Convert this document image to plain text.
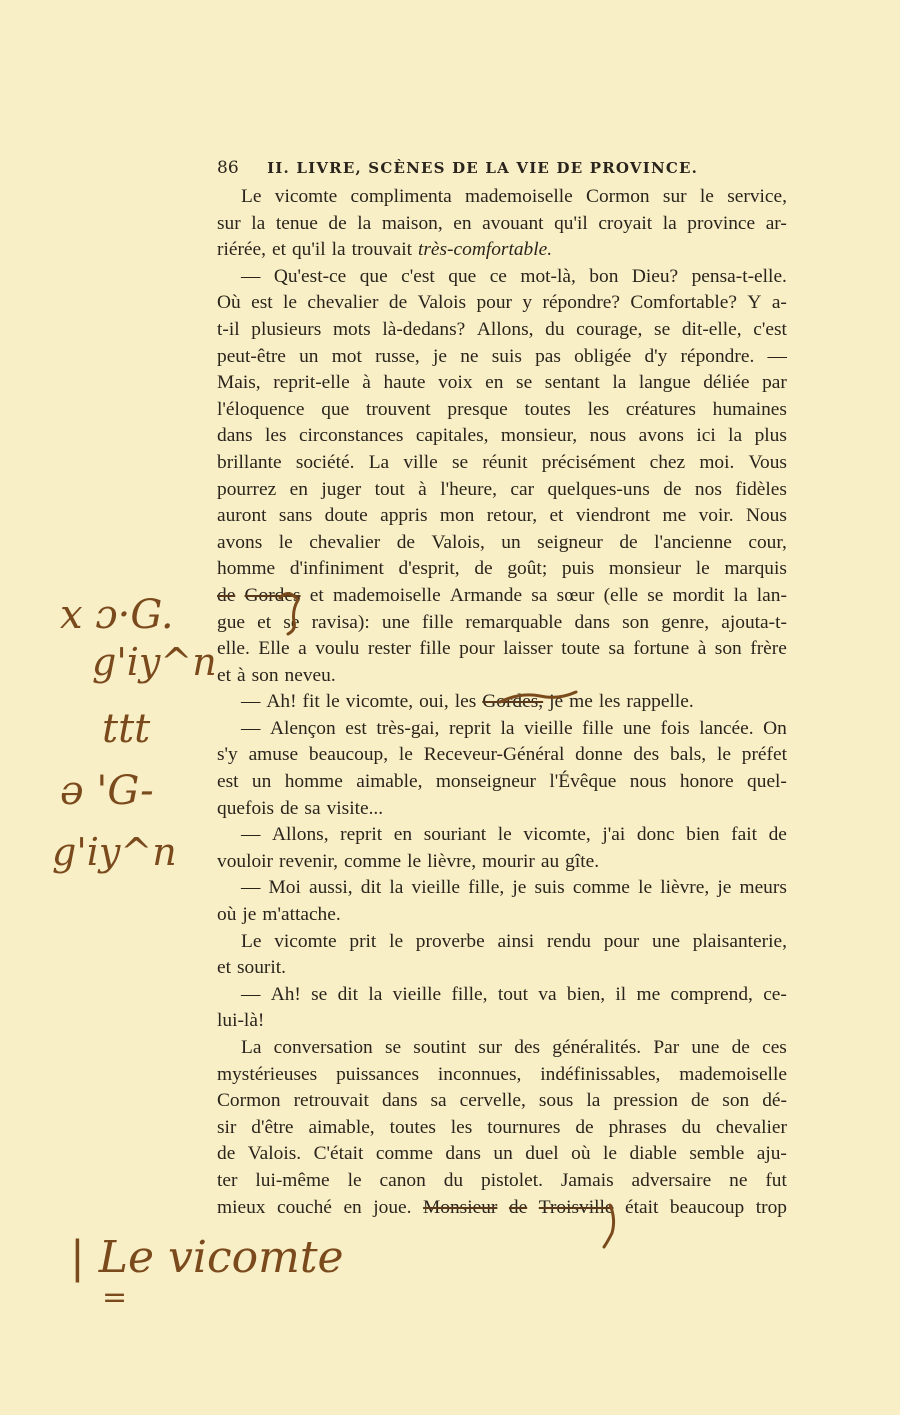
86 II. LIVRE, SCÈNES DE LA VIE DE PROVINCE.
Le vicomte complimenta mademoiselle Cormon sur le service,
sur la tenue de la maison, en avouant qu'il croyait la province ar-
riérée, et qu'il la trouvait très-comfortable.
— Qu'est-ce que c'est que ce mot-là, bon Dieu? pensa-t-elle.
Où est le chevalier de Valois pour y répondre? Comfortable? Y a-
t-il plusieurs mots là-dedans? Allons, du courage, se dit-elle, c'est
peut-être un mot russe, je ne suis pas obligée d'y répondre. —
Mais, reprit-elle à haute voix en se sentant la langue déliée par
l'éloquence que trouvent presque toutes les créatures humaines
dans les circonstances capitales, monsieur, nous avons ici la plus
brillante société. La ville se réunit précisément chez moi. Vous
pourrez en juger tout à l'heure, car quelques-uns de nos fidèles
auront sans doute appris mon retour, et viendront me voir. Nous
avons le chevalier de Valois, un seigneur de l'ancienne cour,
homme d'infiniment d'esprit, de goût; puis monsieur le marquis
de Gordes et mademoiselle Armande sa sœur (elle se mordit la lan-
gue et se ravisa): une fille remarquable dans son genre, ajouta-t-
elle. Elle a voulu rester fille pour laisser toute sa fortune à son frère
et à son neveu.
— Ah! fit le vicomte, oui, les Gordes, je me les rappelle.
— Alençon est très-gai, reprit la vieille fille une fois lancée. On
s'y amuse beaucoup, le Receveur-Général donne des bals, le préfet
est un homme aimable, monseigneur l'Évêque nous honore quel-
quefois de sa visite...
— Allons, reprit en souriant le vicomte, j'ai donc bien fait de
vouloir revenir, comme le lièvre, mourir au gîte.
— Moi aussi, dit la vieille fille, je suis comme le lièvre, je meurs
où je m'attache.
Le vicomte prit le proverbe ainsi rendu pour une plaisanterie,
et sourit.
— Ah! se dit la vieille fille, tout va bien, il me comprend, ce-
lui-là!
La conversation se soutint sur des généralités. Par une de ces
mystérieuses puissances inconnues, indéfinissables, mademoiselle
Cormon retrouvait dans sa cervelle, sous la pression de son dé-
sir d'être aimable, toutes les tournures de phrases du chevalier
de Valois. C'était comme dans un duel où le diable semble aju-
ter lui-même le canon du pistolet. Jamais adversaire ne fut
mieux couché en joue. Monsieur de Troisville était beaucoup trop
x ɔ·G.
g'iy^n
ttt
ə 'G-
g'iy^n
| Le vicomte
=
